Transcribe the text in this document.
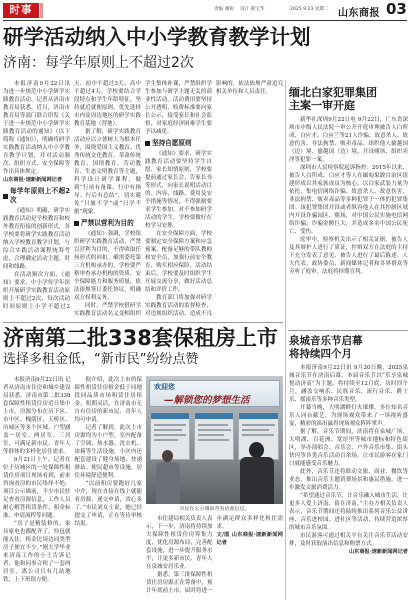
时事	责编 潘锐 设计 郝宝华	2025.9.23 星期二 山东商报 03
研学活动纳入中小学教育教学计划
济南：每学年原则上不超过2次

本报济南9月22日讯 为进一步规范中小学研学实践教育活动，记者从济南市教育局获悉，近日，济南市教育局等部门联合印发《关于进一步规范中小学研学实践教育活动的通知》（以下简称《通知》），明确将研学实践教育活动纳入中小学教育教学计划，并对活动频次、组织方式、安全保障等作出具体规定。

山东商报·速新新闻网记者
每学年原则上不超2次

《通知》明确，研学实践教育活动是学校教育和校外教育衔接的创新形式，各学校要将研学实践教育活动纳入学校教育教学计划，与综合实践活动课程统筹考虑，合理确定活动主题、时间和线路。

在活动频次方面，《通知》要求，中小学每学年组织开展研学实践教育活动原则上不超过2次，每次活动时间原则上小学不超过2天、初中不超过3天、高中不超过4天。学校要结合学段特点和学生年龄特征，坚持就近就便原则，优先选择市内及周边地区的研学实践教育基地（营地）。

据了解，研学实践教育活动应以立德树人为根本任务，围绕爱国主义教育、优秀传统文化教育、革命传统教育、国情教育、劳动教育、生态文明教育等主题，科学设计研学课程，做到“行前有备课、行中有指导、行后有总结”，切实避免“只旅不学”或“只学不旅”现象。

严禁以营利为目的

《通知》强调，学校组织研学实践教育活动，严禁以营利为目的，不得收取任何形式的回扣。确需委托第三方机构承办的，学校要严格审查承办机构的资质、安全保障能力和服务质量，依法依规签订委托协议，明确双方权利义务。

同时，严禁学校借研学实践教育活动名义变相组织学生集体补课，严禁组织学生参加与研学主题无关的商业性活动。活动费用要坚持公开透明，收费标准要向家长公示，接受家长和社会监督，对家庭经济困难学生要予以减免。

坚持自愿原则

《通知》要求，研学实践教育活动要坚持学生自愿、家长知情原则，学校要提前通过家长会、告家长书等形式，向家长说明活动目的、内容、线路、费用及安全措施等情况，不得强制要求学生参加。对不参加研学活动的学生，学校要做好在校学习安排。

在安全保障方面，学校要制定安全保障方案和应急预案，配备足够的带队教师和安全员，加强行前安全教育，购买相应保险。活动结束后，学校要及时组织学生开展交流分享，做好活动总结和评价工作。

教育部门将加强对研学实践教育活动的监督检查，对违规组织活动、造成不良影响的，依法依规严肃追究相关单位和人员责任。	缅北白家犯罪集团
主案一审开庭

新华社深圳9月22日电 9月22日，广东省深圳市中级人民法院一审公开开庭审理被告人白所成、白应才、白应兰等21人诈骗、故意杀人、故意伤害、非法拘禁、贩卖毒品、组织他人偷越国（边）境、偷越国（边）境、开设赌场、组织卖淫等犯罪一案。

深圳市人民检察院起诉指控：2015年以来，被告人白所成、白应才等人在缅甸果敢自治区组建形成以其家族成员为核心，以白家武装力量为依托，集电信网络诈骗、故意杀人、故意伤害、非法拘禁、贩卖毒品等多种犯罪于一体的犯罪集团。该犯罪集团开设或者纵容他人在其控制区域内开设诈骗园区、赌场，对中国公民实施电信网络诈骗，诈骗金额巨大，并造成多名中国公民死亡、受伤。

庭审中，检察机关出示了相关证据，被告人及其辩护人进行了质证，控辩双方在法庭的主持下充分发表了意见，被告人进行了最后陈述。人大代表、政协委员、新闻媒体记者和各界群众等旁听了庭审。法庭将择期宣判。

泉城音乐节启幕
将持续四个月

本报济南9月22日讯 9月20日晚，2025泉城音乐节在济南启幕。本届音乐节以“乐享泉城 悦动济南”为主题，将持续至12月底，历时四个月，涵盖交响乐、民族音乐、流行音乐、爵士乐、摇滚乐等多种音乐类型。

开幕当晚，大明湖畔灯火璀璨，多位知名音乐人同台献艺，为现场观众带来了一场视听盛宴，精彩的演出赢得现场观众阵阵掌声。

据了解，音乐节期间，济南将在泉城广场、大明湖、百花洲、宽厚里等城市地标和特色街区，举办演唱会、音乐会、户外音乐市集、街头快闪等各类音乐活动百余场，让市民游客在家门口就能感受音乐魅力。

此外，音乐节还将联动文旅、商业、餐饮等业态，推出音乐主题消费场景和惠民措施，进一步激发文旅消费活力。

“希望通过音乐节，让音乐融入城市生活，让更多人爱上济南、留在济南。”主办方相关负责人表示，音乐节期间还将陆续推出系列音乐公益讲座、音乐进校园、进社区等活动，持续营造浓厚的城市音乐氛围。

市民游客可通过相关平台关注音乐节活动安排，及时获取演出信息和购票方式。

山东商报·速新新闻网记者
济南第二批338套保租房上市
选择多租金低，“新市民”纷纷点赞

本报济南9月22日讯 记者从济南市住房和城乡建设局获悉，济南市第二批338套保障性租赁住房近日集中上市，房源分布在历下区、市中区、槐荫区、天桥区、历城区等多个区域，户型涵盖一居室、两居室、三居室，可满足新市民、青年人等群体的多样化居住需求。

9月21日上午，记者在位于历城区的一处保障性租赁住房项目现场看到，前来咨询看房的市民络绎不绝。项目公示墙前，不少市民驻足查看房源信息，工作人员耐心解答租赁条件、租金标准、申请流程等问题。

“房子是精装修的，家具家电也都配齐了，拎包就能入住，租金比周边同类型房子便宜不少。”刚大学毕业来济南工作的小王告诉记者，他和同事合租了一套两居室，离公司只有几站地铁，上下班很方便。

据介绍，此次上市的保障性租赁住房租金低于同地段同品质市场租赁住房租金，租期灵活，在济南市无自有住房的新市民、青年人均可申请。

记者了解到，此次上市房源均为小户型，室内配备了空调、热水器、洗衣机、冰箱等生活设施，小区内还配套建设了健身场地、快递驿站、便民超市等设施，居住环境舒适便利。

“以前租房要跑好几家中介，现在直接在线上就能看房源、递交申请，省心多了。”市民刘女士说，她已经提交了申请，正在等待审核结果。

欢迎您
—解锁您的梦想生活
市民在公示墙前查看房源信息。

市住建局相关负责人表示，下一步，济南将持续加大保障性租赁住房筹集力度，优化房源布局，完善配套设施，进一步提升服务水平，让更多新市民、青年人在泉城安居乐业。

据悉，第三批保障性租赁住房房源正在筹备中，预计年底前上市，届时将进一步满足群众多样化租住需求。

文/图 山东商报·速新新闻网记者
